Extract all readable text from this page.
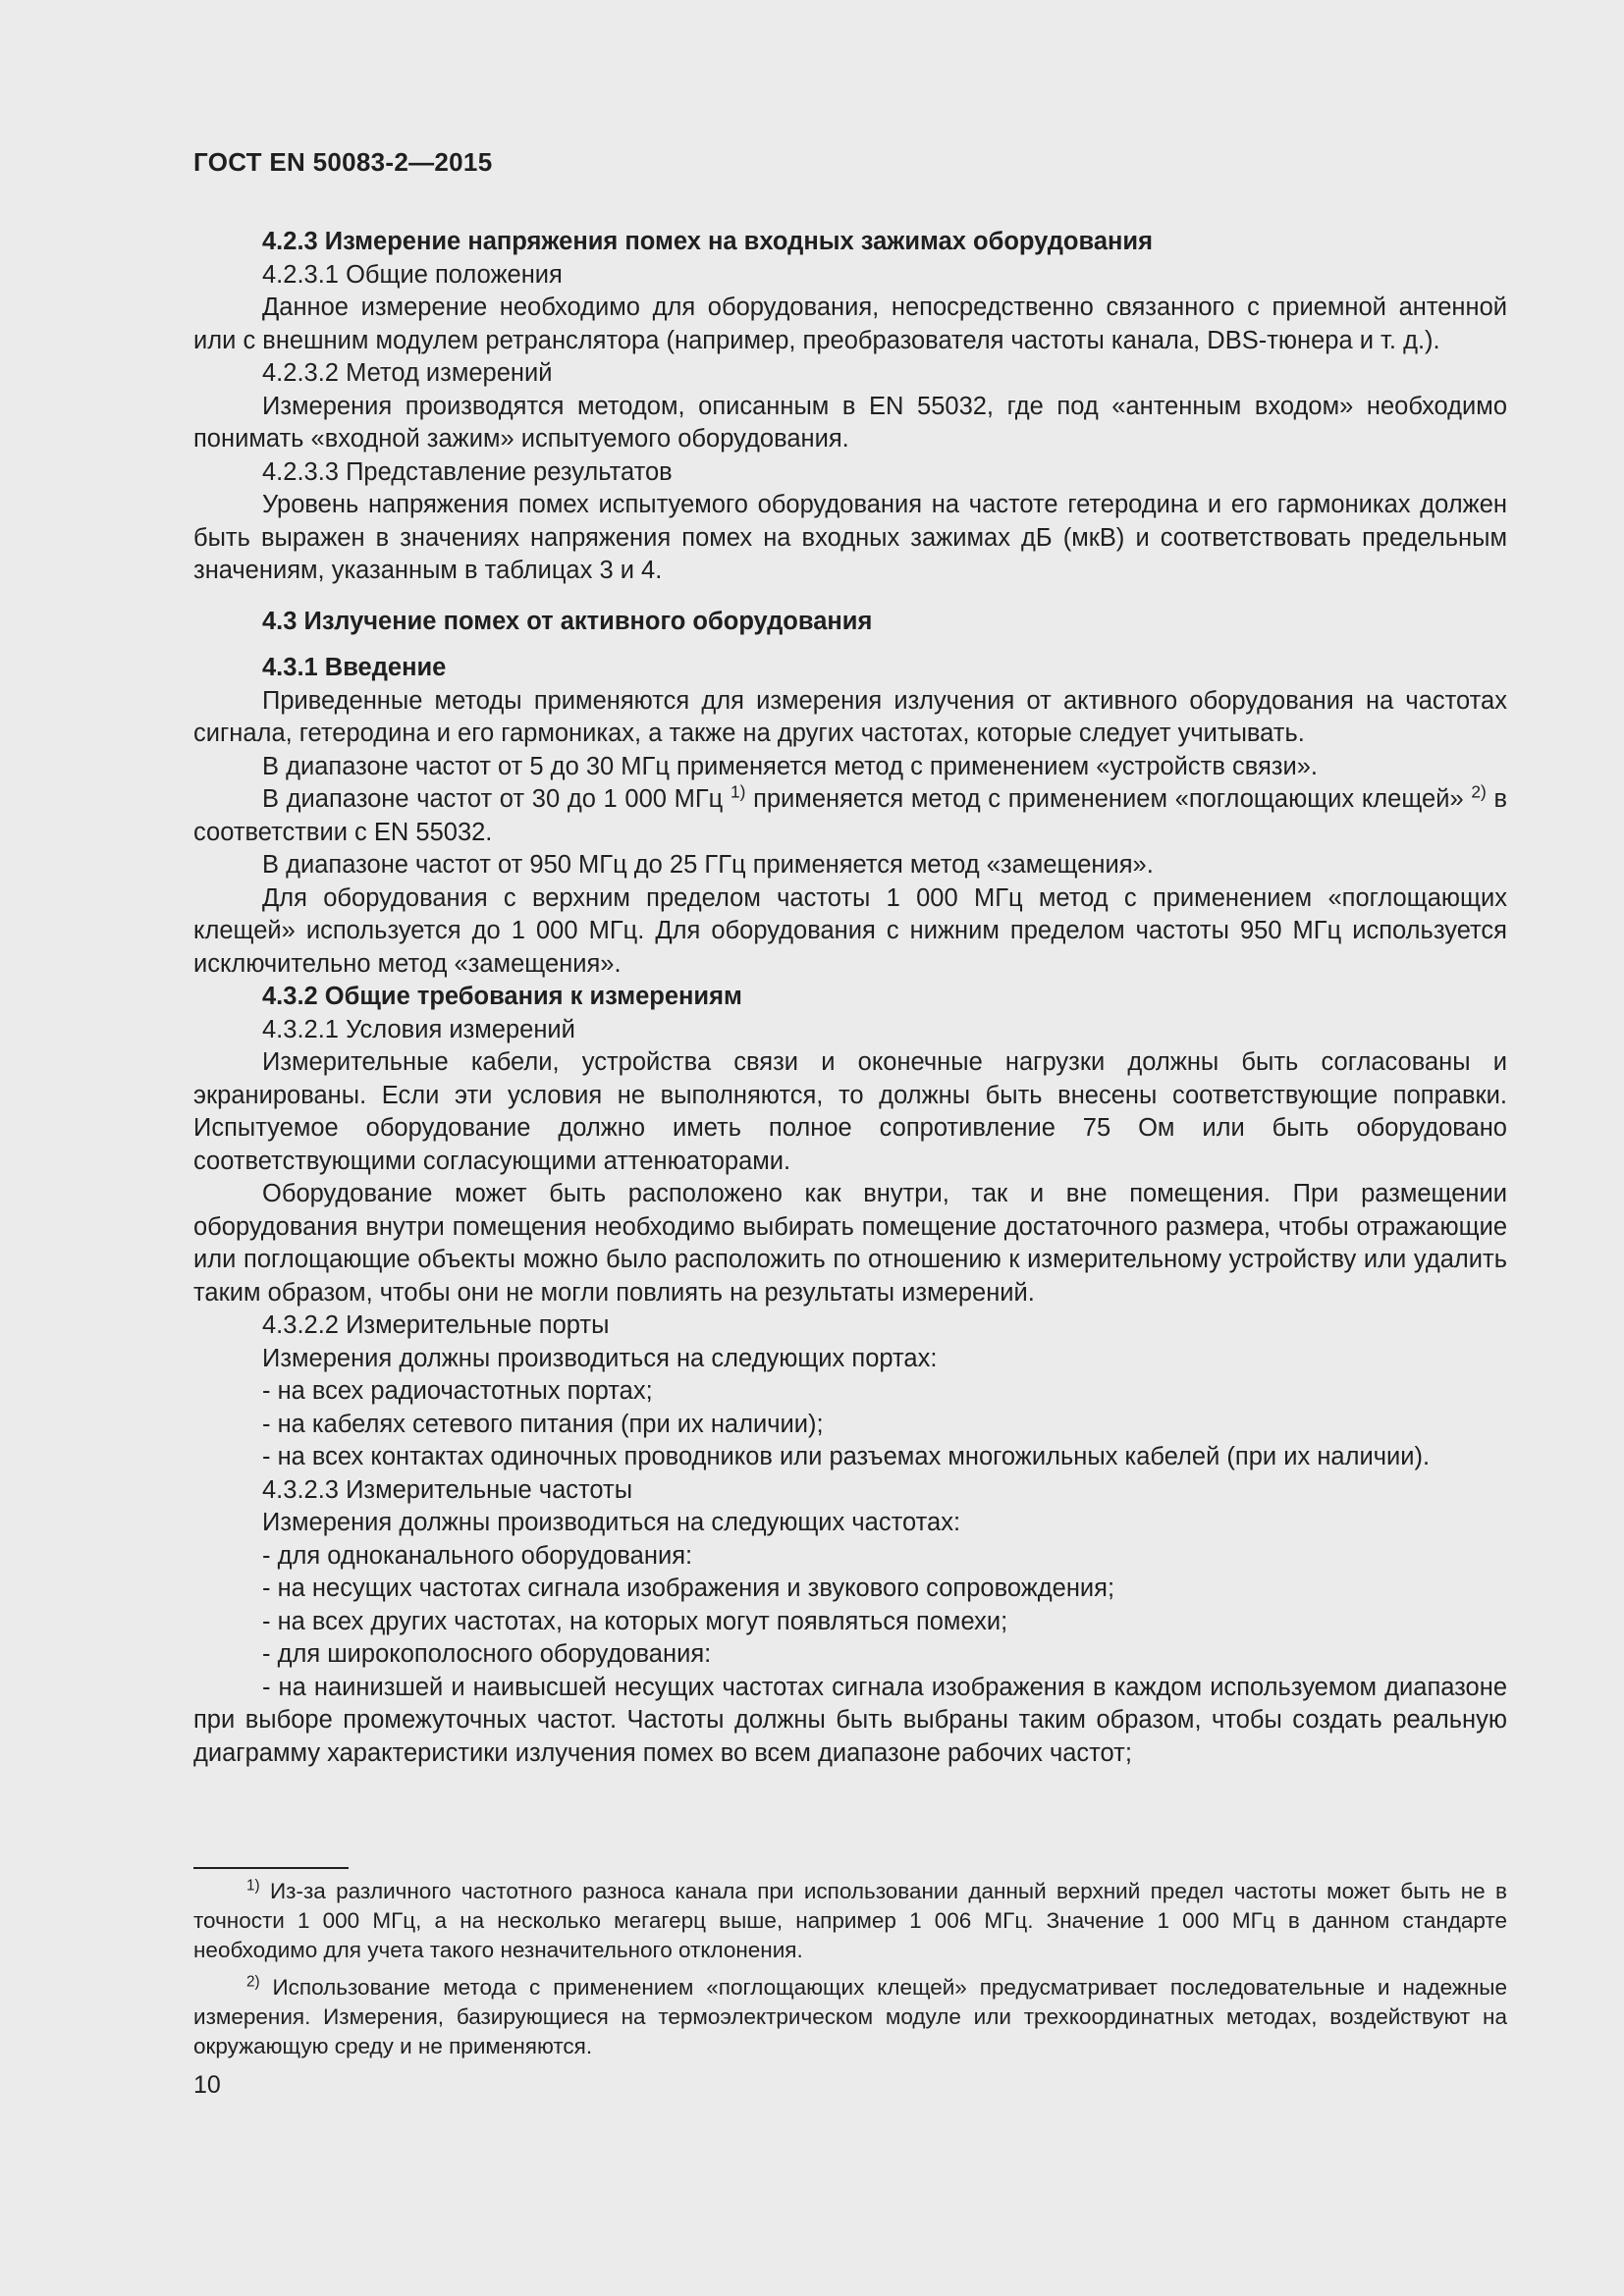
ГОСТ EN 50083-2—2015

4.2.3 Измерение напряжения помех на входных зажимах оборудования

4.2.3.1 Общие положения

Данное измерение необходимо для оборудования, непосредственно связанного с приемной антенной или с внешним модулем ретранслятора (например, преобразователя частоты канала, DBS-тюнера и т. д.).

4.2.3.2 Метод измерений

Измерения производятся методом, описанным в EN 55032, где под «антенным входом» необходимо понимать «входной зажим» испытуемого оборудования.

4.2.3.3 Представление результатов

Уровень напряжения помех испытуемого оборудования на частоте гетеродина и его гармониках должен быть выражен в значениях напряжения помех на входных зажимах дБ (мкВ) и соответствовать предельным значениям, указанным в таблицах 3 и 4.

4.3 Излучение помех от активного оборудования

4.3.1 Введение

Приведенные методы применяются для измерения излучения от активного оборудования на частотах сигнала, гетеродина и его гармониках, а также на других частотах, которые следует учитывать.

В диапазоне частот от 5 до 30 МГц применяется метод с применением «устройств связи».

В диапазоне частот от 30 до 1 000 МГц $^{1)}$ применяется метод с применением «поглощающих клещей» $^{2)}$ в соответствии с EN 55032.

В диапазоне частот от 950 МГц до 25 ГГц применяется метод «замещения».

Для оборудования с верхним пределом частоты 1 000 МГц метод с применением «поглощающих клещей» используется до 1 000 МГц. Для оборудования с нижним пределом частоты 950 МГц используется исключительно метод «замещения».

4.3.2 Общие требования к измерениям

4.3.2.1 Условия измерений

Измерительные кабели, устройства связи и оконечные нагрузки должны быть согласованы и экранированы. Если эти условия не выполняются, то должны быть внесены соответствующие поправки. Испытуемое оборудование должно иметь полное сопротивление 75 Ом или быть оборудовано соответствующими согласующими аттенюаторами.

Оборудование может быть расположено как внутри, так и вне помещения. При размещении оборудования внутри помещения необходимо выбирать помещение достаточного размера, чтобы отражающие или поглощающие объекты можно было расположить по отношению к измерительному устройству или удалить таким образом, чтобы они не могли повлиять на результаты измерений.

4.3.2.2 Измерительные порты

Измерения должны производиться на следующих портах:

- на всех радиочастотных портах;

- на кабелях сетевого питания (при их наличии);

- на всех контактах одиночных проводников или разъемах многожильных кабелей (при их наличии).

4.3.2.3 Измерительные частоты

Измерения должны производиться на следующих частотах:

- для одноканального оборудования:

- на несущих частотах сигнала изображения и звукового сопровождения;

- на всех других частотах, на которых могут появляться помехи;

- для широкополосного оборудования:

- на наинизшей и наивысшей несущих частотах сигнала изображения в каждом используемом диапазоне при выборе промежуточных частот. Частоты должны быть выбраны таким образом, чтобы создать реальную диаграмму характеристики излучения помех во всем диапазоне рабочих частот;

$^{1)}$ Из-за различного частотного разноса канала при использовании данный верхний предел частоты может быть не в точности 1 000 МГц, а на несколько мегагерц выше, например 1 006 МГц. Значение 1 000 МГц в данном стандарте необходимо для учета такого незначительного отклонения.

$^{2)}$ Использование метода с применением «поглощающих клещей» предусматривает последовательные и надежные измерения. Измерения, базирующиеся на термоэлектрическом модуле или трехкоординатных методах, воздействуют на окружающую среду и не применяются.

10
